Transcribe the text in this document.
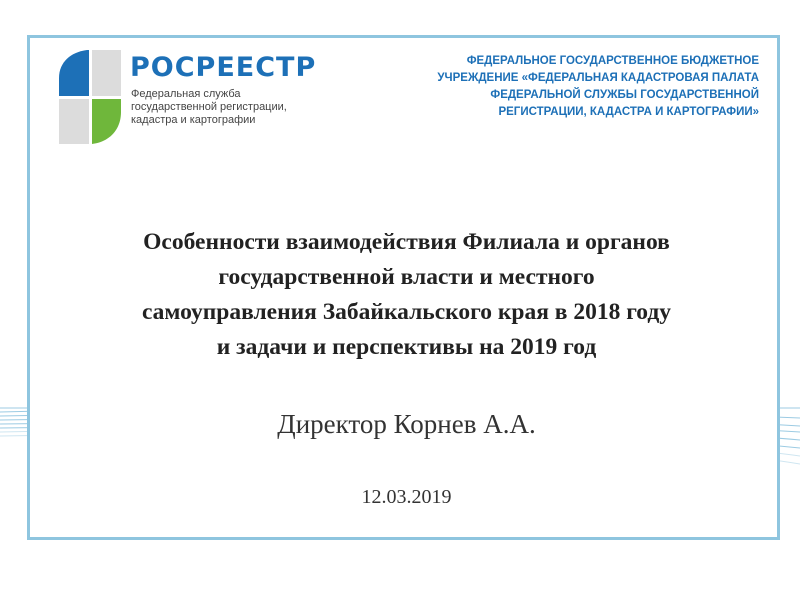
РОСРЕЕСТР
Федеральная служба
государственной регистрации,
кадастра и картографии
ФЕДЕРАЛЬНОЕ ГОСУДАРСТВЕННОЕ БЮДЖЕТНОЕ
УЧРЕЖДЕНИЕ «ФЕДЕРАЛЬНАЯ КАДАСТРОВАЯ ПАЛАТА
ФЕДЕРАЛЬНОЙ СЛУЖБЫ ГОСУДАРСТВЕННОЙ
РЕГИСТРАЦИИ, КАДАСТРА И КАРТОГРАФИИ»
Особенности взаимодействия Филиала и органов
государственной власти и местного
самоуправления Забайкальского края в 2018 году
и задачи и перспективы на 2019 год
Директор Корнев А.А.
12.03.2019
